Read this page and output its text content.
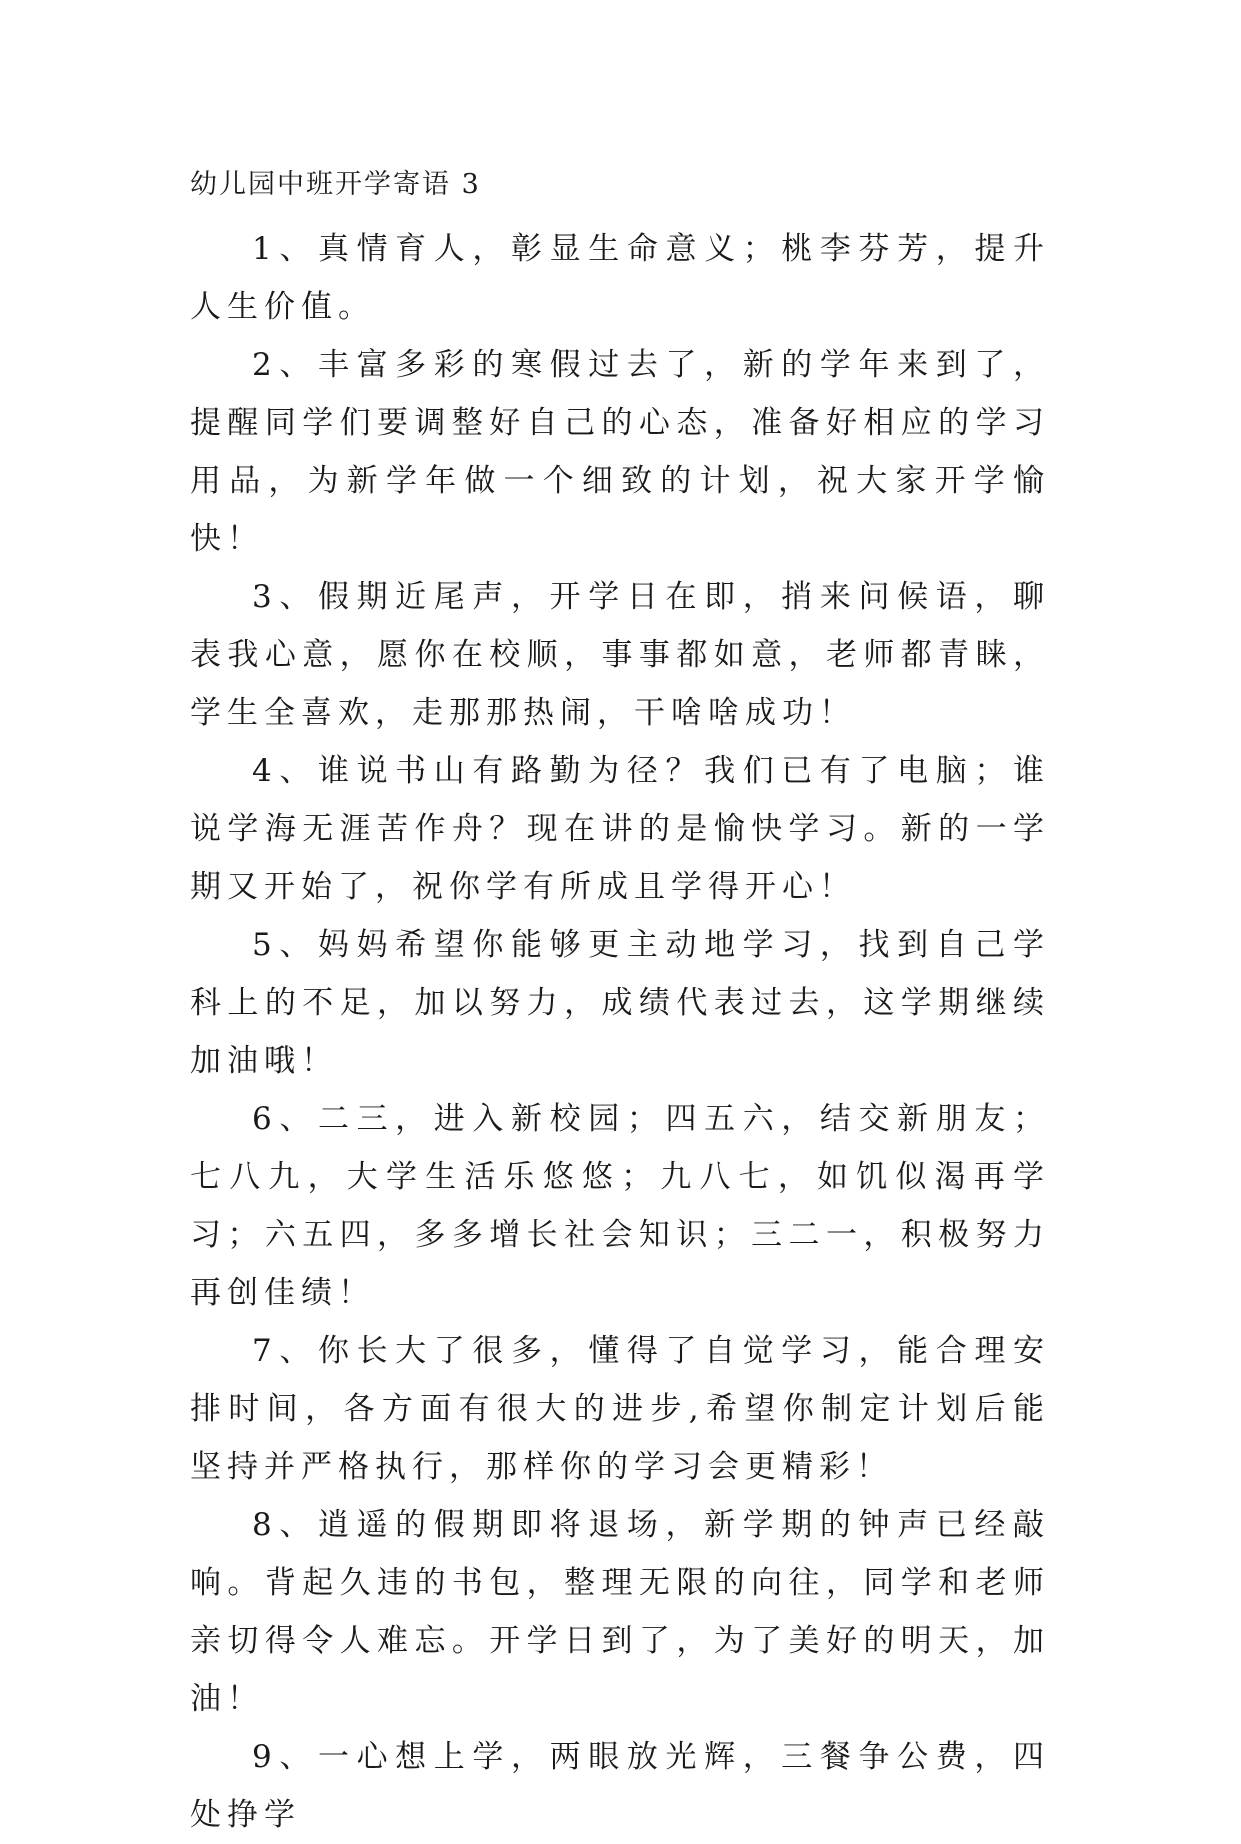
幼儿园中班开学寄语 3

1、真情育人，彰显生命意义；桃李芬芳，提升人生价值。

2、丰富多彩的寒假过去了，新的学年来到了，提醒同学们要调整好自己的心态，准备好相应的学习用品，为新学年做一个细致的计划，祝大家开学愉快！

3、假期近尾声，开学日在即，捎来问候语，聊表我心意，愿你在校顺，事事都如意，老师都青睐，学生全喜欢，走那那热闹，干啥啥成功！

4、谁说书山有路勤为径？我们已有了电脑；谁说学海无涯苦作舟？现在讲的是愉快学习。新的一学期又开始了，祝你学有所成且学得开心！

5、妈妈希望你能够更主动地学习，找到自己学科上的不足，加以努力，成绩代表过去，这学期继续加油哦！

6、二三，进入新校园；四五六，结交新朋友；七八九，大学生活乐悠悠；九八七，如饥似渴再学习；六五四，多多增长社会知识；三二一，积极努力再创佳绩！

7、你长大了很多，懂得了自觉学习，能合理安排时间，各方面有很大的进步,希望你制定计划后能坚持并严格执行，那样你的学习会更精彩！

8、逍遥的假期即将退场，新学期的钟声已经敲响。背起久违的书包，整理无限的向往，同学和老师亲切得令人难忘。开学日到了，为了美好的明天，加油！

9、一心想上学，两眼放光辉，三餐争公费，四处挣学
